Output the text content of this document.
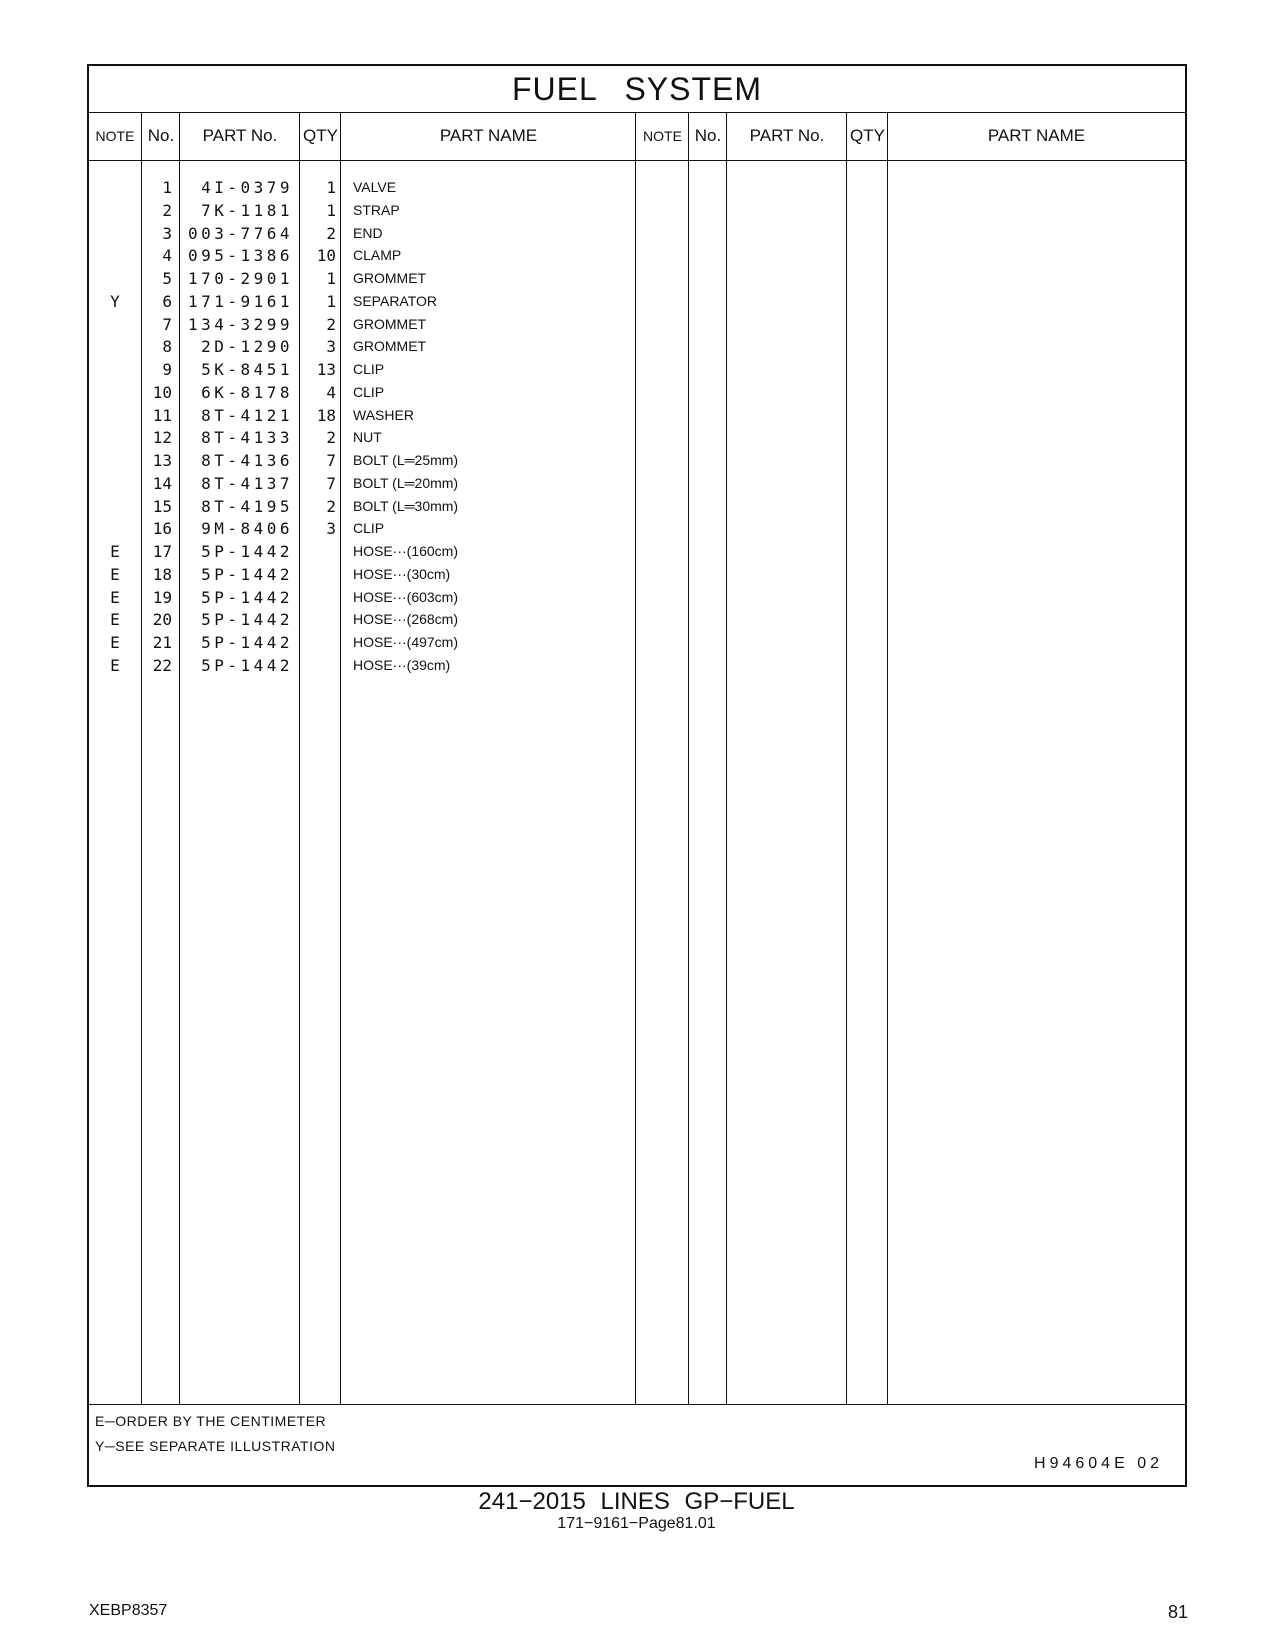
FUEL SYSTEM
NOTE No.	PART No.	QTY	PART NAME	NOTE No.	PART No.	QTY	PART NAME
1	4I-0379	1 VALVE
2	7K-1181	1 STRAP
3 003-7764	2 END
4 095-1386	10 CLAMP
5 170-2901	1 GROMMET
Y	6 171-9161	1 SEPARATOR
7 134-3299	2 GROMMET
8	2D-1290	3 GROMMET
9	5K-8451	13 CLIP
10	6K-8178	4 CLIP
11	8T-4121	18 WASHER
12	8T-4133	2 NUT
13	8T-4136	7 BOLT (L═25mm)
14	8T-4137	7 BOLT (L═20mm)
15	8T-4195	2 BOLT (L═30mm)
16	9M-8406	3 CLIP
E	17	5P-1442	HOSE···(160cm)
E	18	5P-1442	HOSE···(30cm)
E	19	5P-1442	HOSE···(603cm)
E	20	5P-1442	HOSE···(268cm)
E	21	5P-1442	HOSE···(497cm)
E	22	5P-1442	HOSE···(39cm)
E─ORDER BY THE CENTIMETER
Y─SEE SEPARATE ILLUSTRATION
H94604E 02
241−2015 LINES GP−FUEL
171−9161−Page81.01
XEBP8357	81
